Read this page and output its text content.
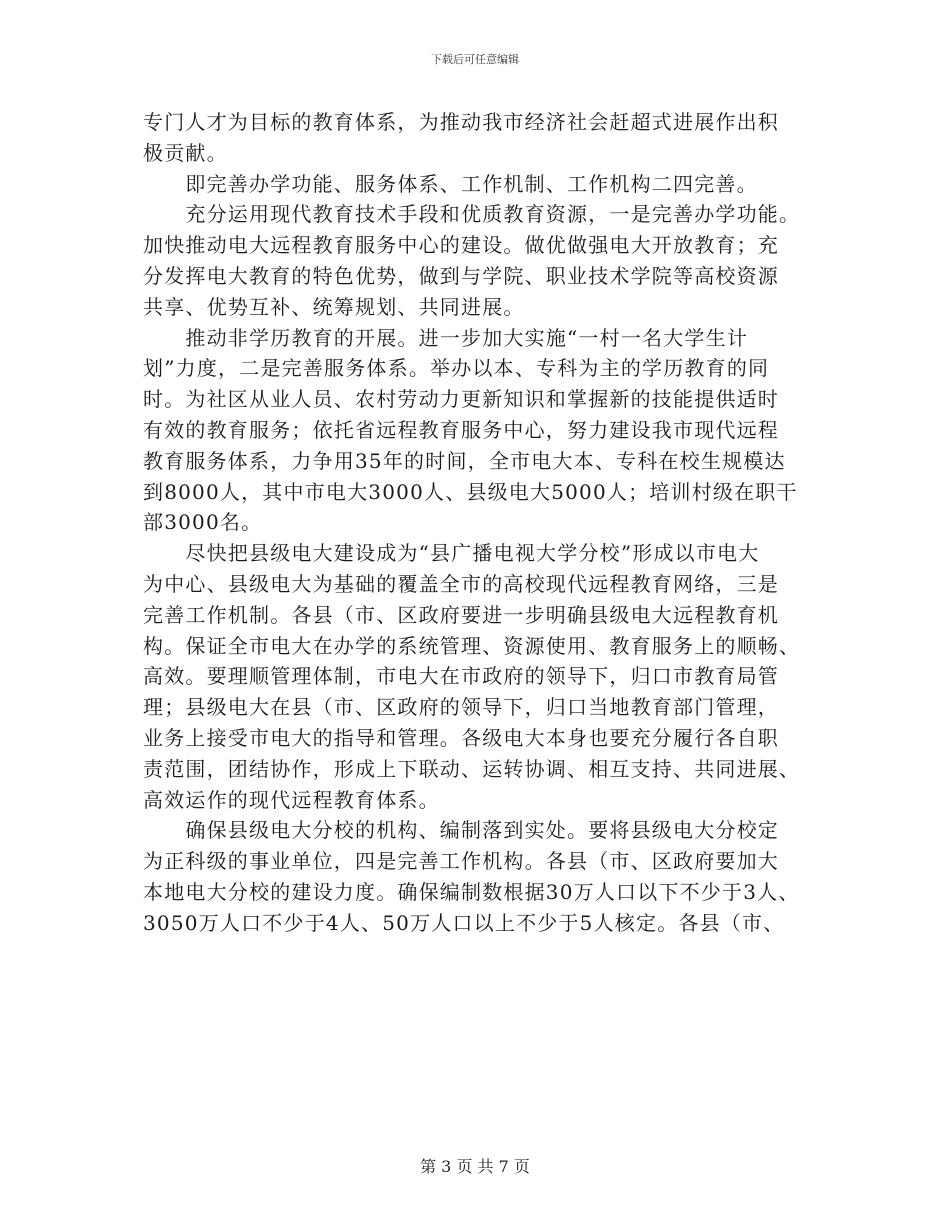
下载后可任意编辑
专门人才为目标的教育体系，为推动我市经济社会赶超式进展作出积
极贡献。
　　即完善办学功能、服务体系、工作机制、工作机构二四完善。
　　充分运用现代教育技术手段和优质教育资源，一是完善办学功能。
加快推动电大远程教育服务中心的建设。做优做强电大开放教育；充
分发挥电大教育的特色优势，做到与学院、职业技术学院等高校资源
共享、优势互补、统筹规划、共同进展。
　　推动非学历教育的开展。进一步加大实施“一村一名大学生计
划”力度，二是完善服务体系。举办以本、专科为主的学历教育的同
时。为社区从业人员、农村劳动力更新知识和掌握新的技能提供适时
有效的教育服务；依托省远程教育服务中心，努力建设我市现代远程
教育服务体系，力争用35年的时间，全市电大本、专科在校生规模达
到8000人，其中市电大3000人、县级电大5000人；培训村级在职干
部3000名。
　　尽快把县级电大建设成为“县广播电视大学分校”形成以市电大
为中心、县级电大为基础的覆盖全市的高校现代远程教育网络，三是
完善工作机制。各县（市、区政府要进一步明确县级电大远程教育机
构。保证全市电大在办学的系统管理、资源使用、教育服务上的顺畅、
高效。要理顺管理体制，市电大在市政府的领导下，归口市教育局管
理；县级电大在县（市、区政府的领导下，归口当地教育部门管理，
业务上接受市电大的指导和管理。各级电大本身也要充分履行各自职
责范围，团结协作，形成上下联动、运转协调、相互支持、共同进展、
高效运作的现代远程教育体系。
　　确保县级电大分校的机构、编制落到实处。要将县级电大分校定
为正科级的事业单位，四是完善工作机构。各县（市、区政府要加大
本地电大分校的建设力度。确保编制数根据30万人口以下不少于3人、
3050万人口不少于4人、50万人口以上不少于5人核定。各县（市、
第 3 页 共 7 页
